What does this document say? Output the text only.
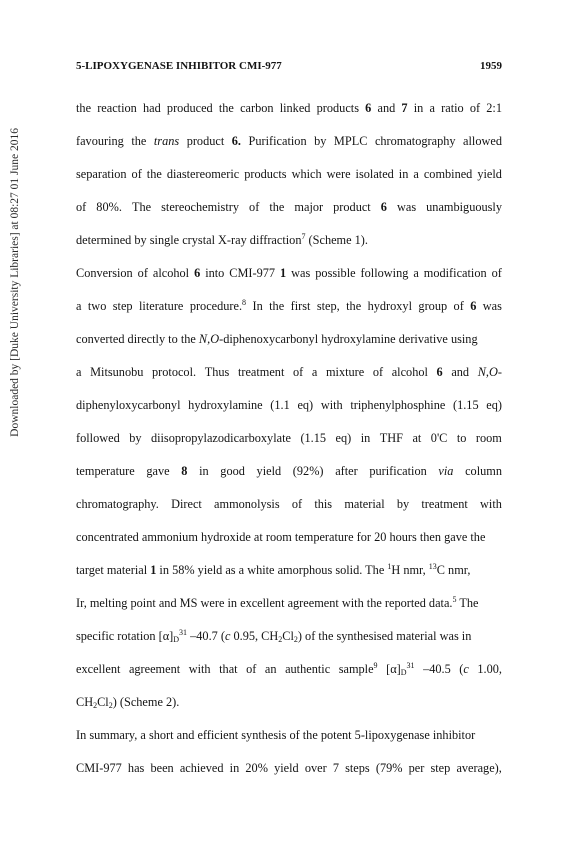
5-LIPOXYGENASE INHIBITOR CMI-977	1959
Downloaded by [Duke University Libraries] at 08:27 01 June 2016
the reaction had produced the carbon linked products 6 and 7 in a ratio of 2:1
favouring the trans product 6. Purification by MPLC chromatography allowed
separation of the diastereomeric products which were isolated in a combined yield
of 80%. The stereochemistry of the major product 6 was unambiguously
determined by single crystal X-ray diffraction$^7$ (Scheme 1).
Conversion of alcohol 6 into CMI-977 1 was possible following a modification of
a two step literature procedure.$^8$ In the first step, the hydroxyl group of 6 was
converted directly to the N,O-diphenoxycarbonyl hydroxylamine derivative using
a Mitsunobu protocol. Thus treatment of a mixture of alcohol 6 and N,O-
diphenyloxycarbonyl hydroxylamine (1.1 eq) with triphenylphosphine (1.15 eq)
followed by diisopropylazodicarboxylate (1.15 eq) in THF at 0'C to room
temperature gave 8 in good yield (92%) after purification via column
chromatography. Direct ammonolysis of this material by treatment with
concentrated ammonium hydroxide at room temperature for 20 hours then gave the
target material 1 in 58% yield as a white amorphous solid. The $^1$H nmr, $^{13}$C nmr,
Ir, melting point and MS were in excellent agreement with the reported data.$^5$ The
specific rotation $[\alpha]_D^{31}$ –40.7 (c 0.95, $CH_2Cl_2$) of the synthesised material was in
excellent agreement with that of an authentic sample$^9$ $[\alpha]_D^{31}$ –40.5 (c 1.00,
$CH_2Cl_2$) (Scheme 2).
In summary, a short and efficient synthesis of the potent 5-lipoxygenase inhibitor
CMI-977 has been achieved in 20% yield over 7 steps (79% per step average),
